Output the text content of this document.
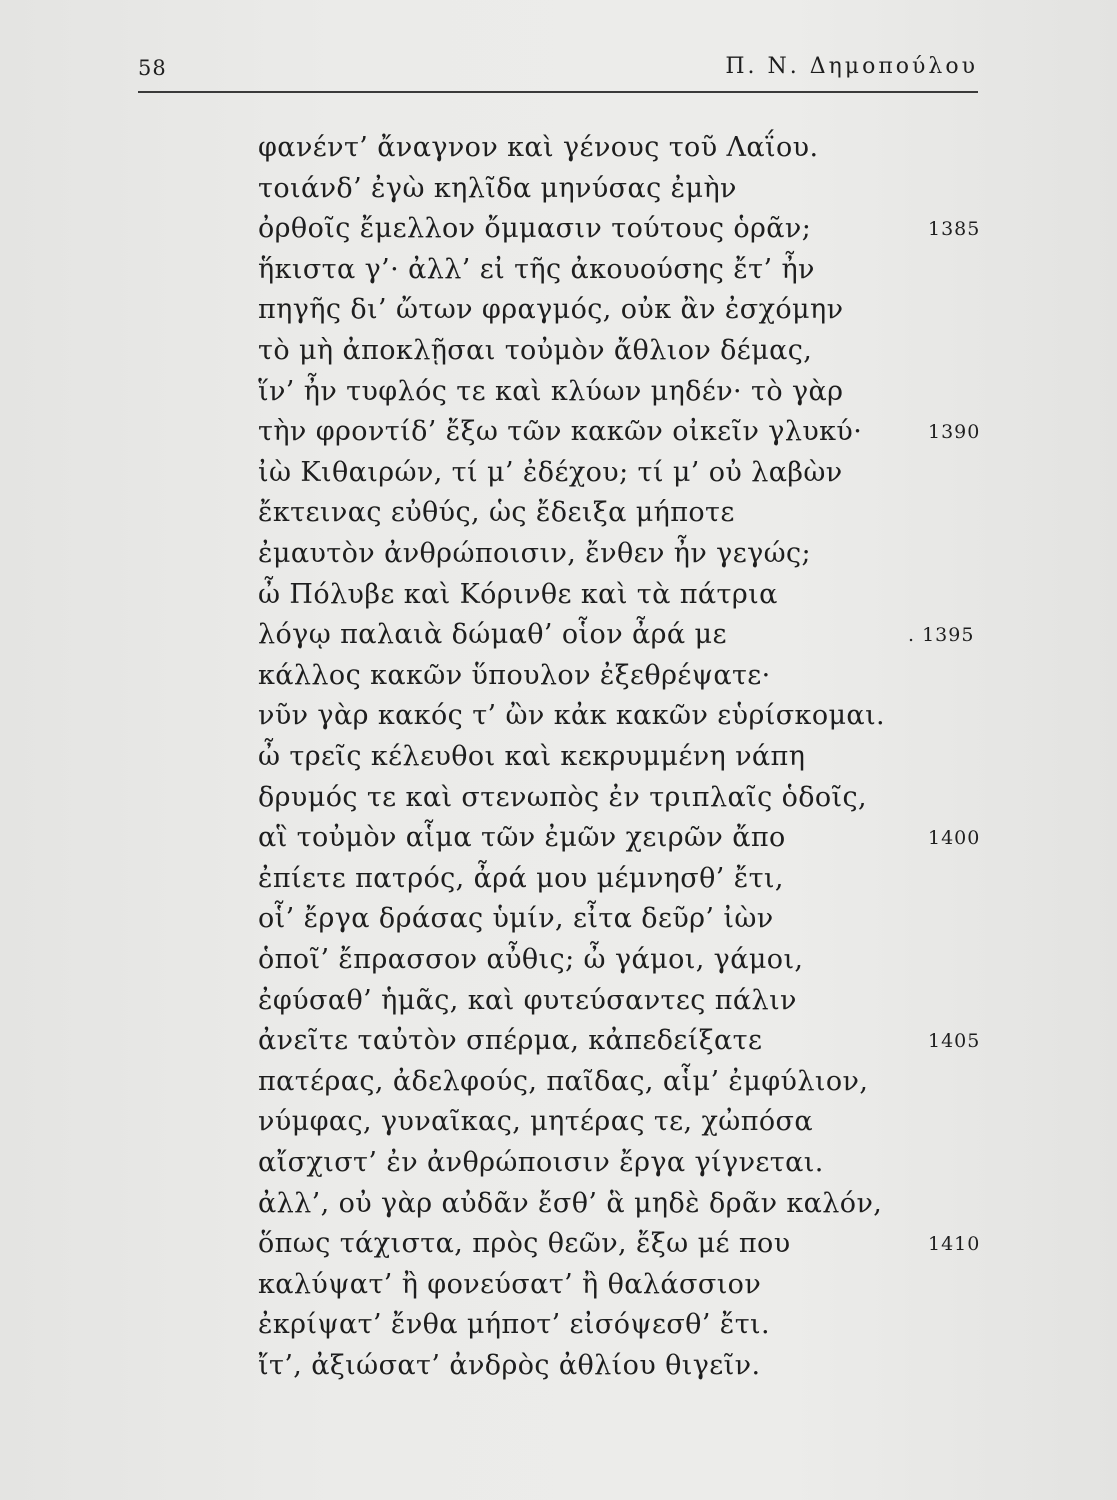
58	Π. Ν. Δημοπούλου
φανέντ’ ἄναγνον καὶ γένους τοῦ Λαΐου.
τοιάνδ’ ἐγὼ κηλῖδα μηνύσας ἐμὴν
ὀρθοῖς ἔμελλον ὄμμασιν τούτους ὁρᾶν;	1385
ἥκιστα γ’· ἀλλ’ εἰ τῆς ἀκουούσης ἔτ’ ἦν
πηγῆς δι’ ὤτων φραγμός, οὐκ ἂν ἐσχόμην
τὸ μὴ ἀποκλῇσαι τοὐμὸν ἄθλιον δέμας,
ἵν’ ἦν τυφλός τε καὶ κλύων μηδέν· τὸ γὰρ
τὴν φροντίδ’ ἔξω τῶν κακῶν οἰκεῖν γλυκύ·	1390
ἰὼ Κιθαιρών, τί μ’ ἐδέχου; τί μ’ οὐ λαβὼν
ἔκτεινας εὐθύς, ὡς ἔδειξα μήποτε
ἐμαυτὸν ἀνθρώποισιν, ἔνθεν ἦν γεγώς;
ὦ Πόλυβε καὶ Κόρινθε καὶ τὰ πάτρια
λόγῳ παλαιὰ δώμαθ’ οἷον ἆρά με	. 1395
κάλλος κακῶν ὕπουλον ἐξεθρέψατε·
νῦν γὰρ κακός τ’ ὢν κἀκ κακῶν εὑρίσκομαι.
ὦ τρεῖς κέλευθοι καὶ κεκρυμμένη νάπη
δρυμός τε καὶ στενωπὸς ἐν τριπλαῖς ὁδοῖς,
αἳ τοὐμὸν αἷμα τῶν ἐμῶν χειρῶν ἄπο	1400
ἐπίετε πατρός, ἆρά μου μέμνησθ’ ἔτι,
οἷ’ ἔργα δράσας ὑμίν, εἶτα δεῦρ’ ἰὼν
ὁποῖ’ ἔπρασσον αὖθις; ὦ γάμοι, γάμοι,
ἐφύσαθ’ ἡμᾶς, καὶ φυτεύσαντες πάλιν
ἀνεῖτε ταὐτὸν σπέρμα, κἀπεδείξατε	1405
πατέρας, ἀδελφούς, παῖδας, αἷμ’ ἐμφύλιον,
νύμφας, γυναῖκας, μητέρας τε, χὠπόσα
αἴσχιστ’ ἐν ἀνθρώποισιν ἔργα γίγνεται.
ἀλλ’, οὐ γὰρ αὐδᾶν ἔσθ’ ἃ μηδὲ δρᾶν καλόν,
ὅπως τάχιστα, πρὸς θεῶν, ἔξω μέ που	1410
καλύψατ’ ἢ φονεύσατ’ ἢ θαλάσσιον
ἐκρίψατ’ ἔνθα μήποτ’ εἰσόψεσθ’ ἔτι.
ἴτ’, ἀξιώσατ’ ἀνδρὸς ἀθλίου θιγεῖν.
